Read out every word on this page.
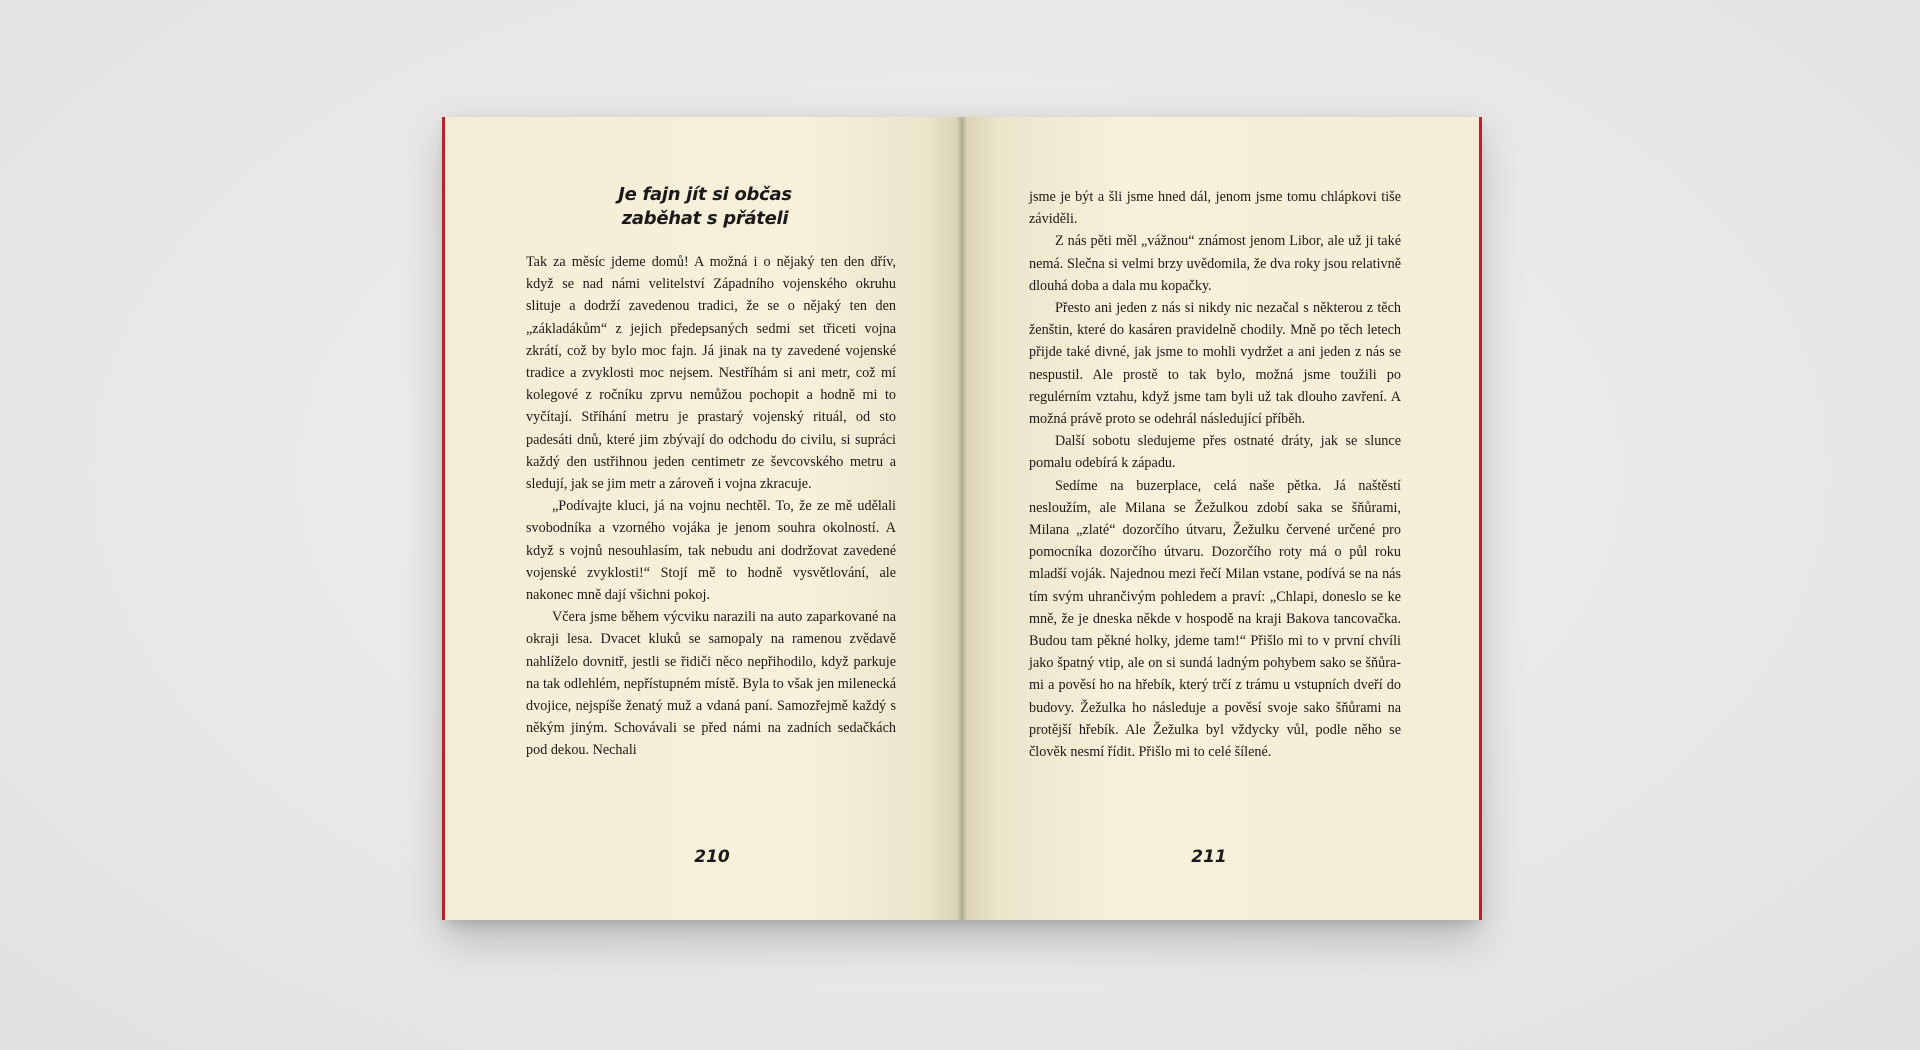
Je fajn jít si občas
zaběhat s přáteli

Tak za měsíc jdeme domů! A možná i o nějaký ten den dřív, když se nad námi velitelství Západního vojenského okruhu slituje a dodrží zavedenou tradici, že se o nějaký ten den „základákům“ z jejich předepsaných sedmi set třiceti vojna zkrátí, což by bylo moc fajn. Já jinak na ty zavedené vojenské tradice a zvyklosti moc nejsem. Nestříhám si ani metr, což mí kolegové z ročníku zprvu nemůžou pochopit a hodně mi to vyčítají. Stříhání metru je prastarý vojenský rituál, od sto padesáti dnů, které jim zbývají do odchodu do civilu, si supráci každý den ustřihnou jeden centimetr ze ševcovského metru a sledují, jak se jim metr a zároveň i vojna zkracuje.

„Podívajte kluci, já na vojnu nechtěl. To, že ze mě udělali svobodníka a vzorného vojáka je jenom souhra okolností. A když s vojnů nesouhlasím, tak nebudu ani dodržovat zavedené vojenské zvyklosti!“ Stojí mě to hodně vysvětlování, ale nakonec mně dají všichni pokoj.

Včera jsme během výcviku narazili na auto zaparkované na okraji lesa. Dvacet kluků se samopaly na ramenou zvědavě nahlíželo dovnitř, jestli se řidiči něco nepřihodilo, když parkuje na tak odlehlém, nepřístupném místě. Byla to však jen milenecká dvojice, nejspíše ženatý muž a vdaná paní. Samozřejmě každý s někým jiným. Schovávali se před námi na zadních sedačkách pod dekou. Nechali

210

jsme je být a šli jsme hned dál, jenom jsme tomu chlápkovi tiše záviděli.

Z nás pěti měl „vážnou“ známost jenom Libor, ale už ji také nemá. Slečna si velmi brzy uvědomila, že dva roky jsou relativně dlouhá doba a dala mu kopačky.

Přesto ani jeden z nás si nikdy nic nezačal s některou z těch ženštin, které do kasáren pravidelně chodily. Mně po těch letech přijde také divné, jak jsme to mohli vydržet a ani jeden z nás se nespustil. Ale prostě to tak bylo, možná jsme toužili po regulérním vztahu, když jsme tam byli už tak dlouho zavření. A možná právě proto se odehrál následující příběh.

Další sobotu sledujeme přes ostnaté dráty, jak se slunce pomalu odebírá k západu.

Sedíme na buzerplace, celá naše pětka. Já naštěstí nesloužím, ale Milana se Žežulkou zdobí saka se šňůrami, Milana „zlaté“ dozorčího útvaru, Žežulku červené určené pro pomocníka dozorčího útvaru. Dozorčího roty má o půl roku mladší voják. Najednou mezi řečí Milan vstane, podívá se na nás tím svým uhrančivým pohledem a praví: „Chlapi, doneslo se ke mně, že je dneska někde v hospodě na kraji Bakova tancovačka. Budou tam pěkné holky, jdeme tam!“ Přišlo mi to v první chvíli jako špatný vtip, ale on si sundá ladným pohybem sako se šňůrami a pověsí ho na hřebík, který trčí z trámu u vstupních dveří do budovy. Žežulka ho následuje a pověsí svoje sako šňůrami na protější hřebík. Ale Žežulka byl vždycky vůl, podle něho se člověk nesmí řídit. Přišlo mi to celé šílené.

211
